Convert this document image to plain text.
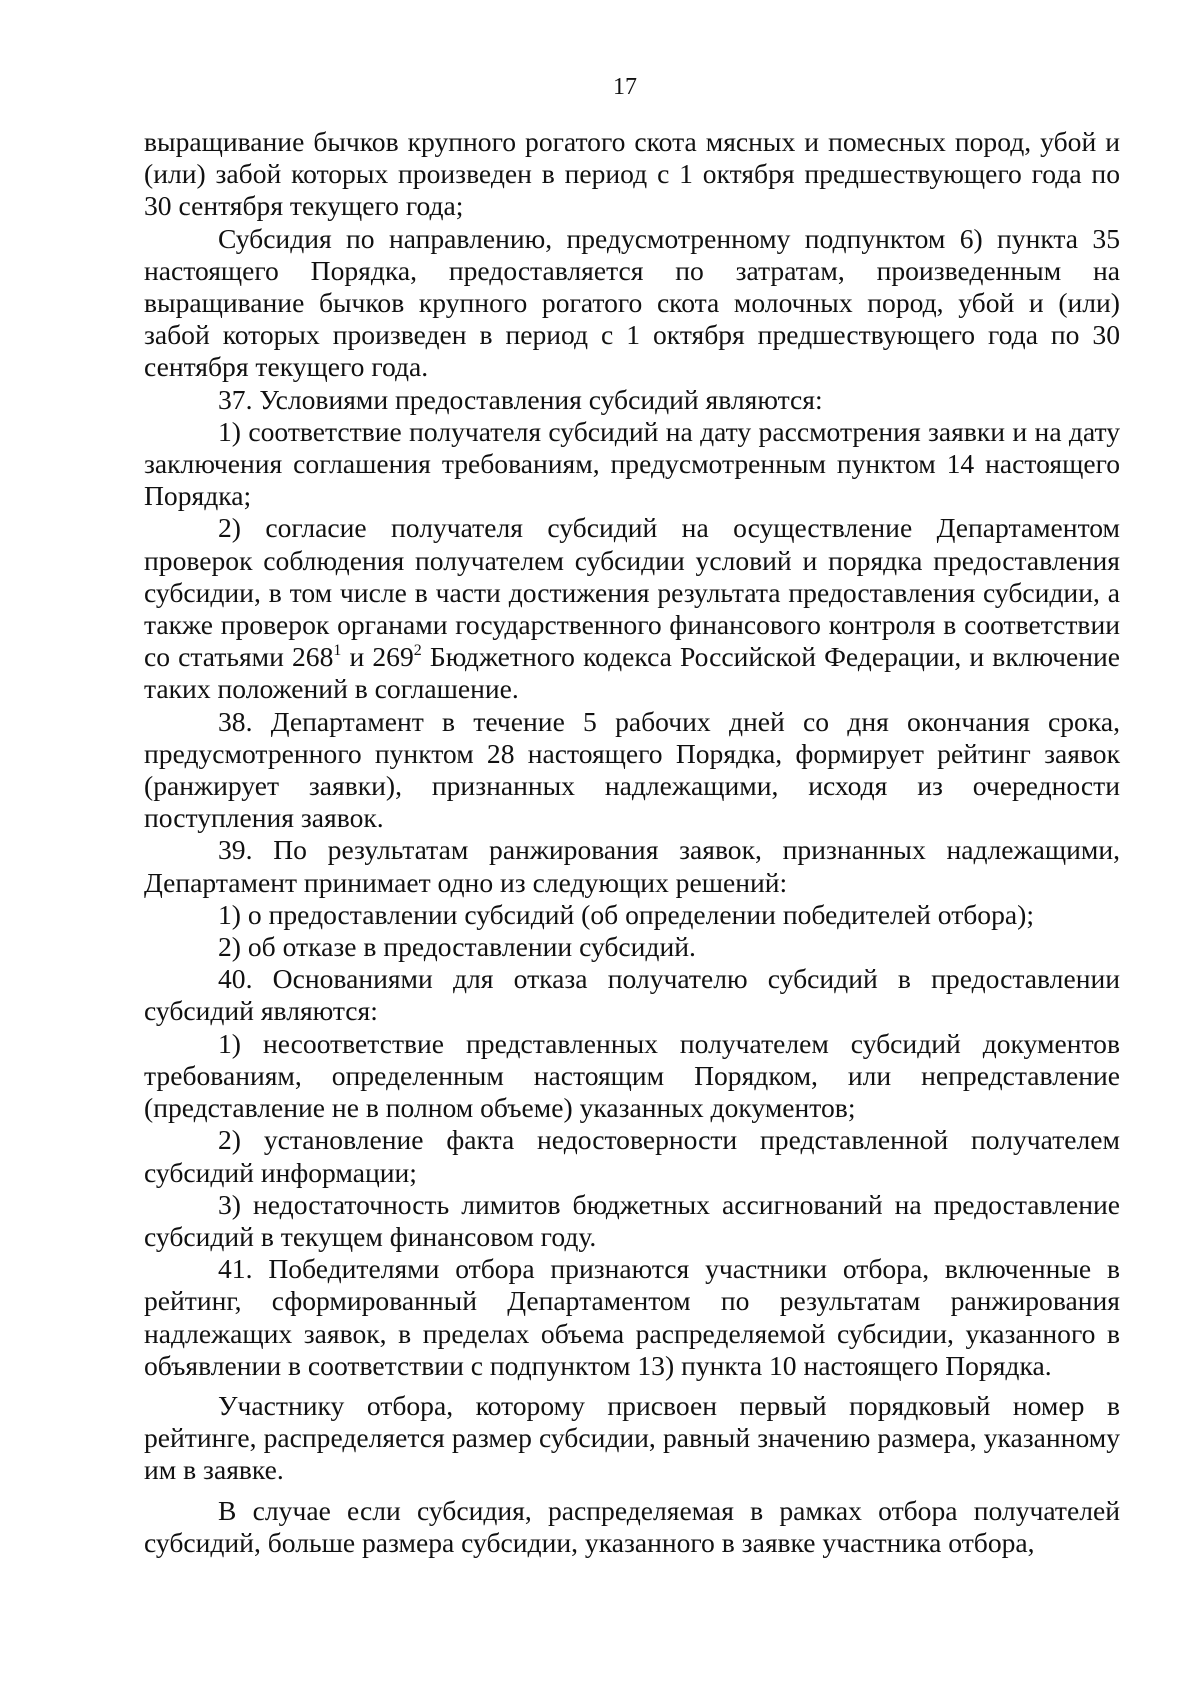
17

выращивание бычков крупного рогатого скота мясных и помесных пород, убой и (или) забой которых произведен в период с 1 октября предшествующего года по 30 сентября текущего года;

Субсидия по направлению, предусмотренному подпунктом 6) пункта 35 настоящего Порядка, предоставляется по затратам, произведенным на выращивание бычков крупного рогатого скота молочных пород, убой и (или) забой которых произведен в период с 1 октября предшествующего года по 30 сентября текущего года.

37. Условиями предоставления субсидий являются:

1) соответствие получателя субсидий на дату рассмотрения заявки и на дату заключения соглашения требованиям, предусмотренным пунктом 14 настоящего Порядка;

2) согласие получателя субсидий на осуществление Департаментом проверок соблюдения получателем субсидии условий и порядка предоставления субсидии, в том числе в части достижения результата предоставления субсидии, а также проверок органами государственного финансового контроля в соответствии со статьями $268^1$ и $269^2$ Бюджетного кодекса Российской Федерации, и включение таких положений в соглашение.

38. Департамент в течение 5 рабочих дней со дня окончания срока, предусмотренного пунктом 28 настоящего Порядка, формирует рейтинг заявок (ранжирует заявки), признанных надлежащими, исходя из очередности поступления заявок.

39. По результатам ранжирования заявок, признанных надлежащими, Департамент принимает одно из следующих решений:

1) о предоставлении субсидий (об определении победителей отбора);

2) об отказе в предоставлении субсидий.

40. Основаниями для отказа получателю субсидий в предоставлении субсидий являются:

1) несоответствие представленных получателем субсидий документов требованиям, определенным настоящим Порядком, или непредставление (представление не в полном объеме) указанных документов;

2) установление факта недостоверности представленной получателем субсидий информации;

3) недостаточность лимитов бюджетных ассигнований на предоставление субсидий в текущем финансовом году.

41. Победителями отбора признаются участники отбора, включенные в рейтинг, сформированный Департаментом по результатам ранжирования надлежащих заявок, в пределах объема распределяемой субсидии, указанного в объявлении в соответствии с подпунктом 13) пункта 10 настоящего Порядка.

Участнику отбора, которому присвоен первый порядковый номер в рейтинге, распределяется размер субсидии, равный значению размера, указанному им в заявке.

В случае если субсидия, распределяемая в рамках отбора получателей субсидий, больше размера субсидии, указанного в заявке участника отбора,
